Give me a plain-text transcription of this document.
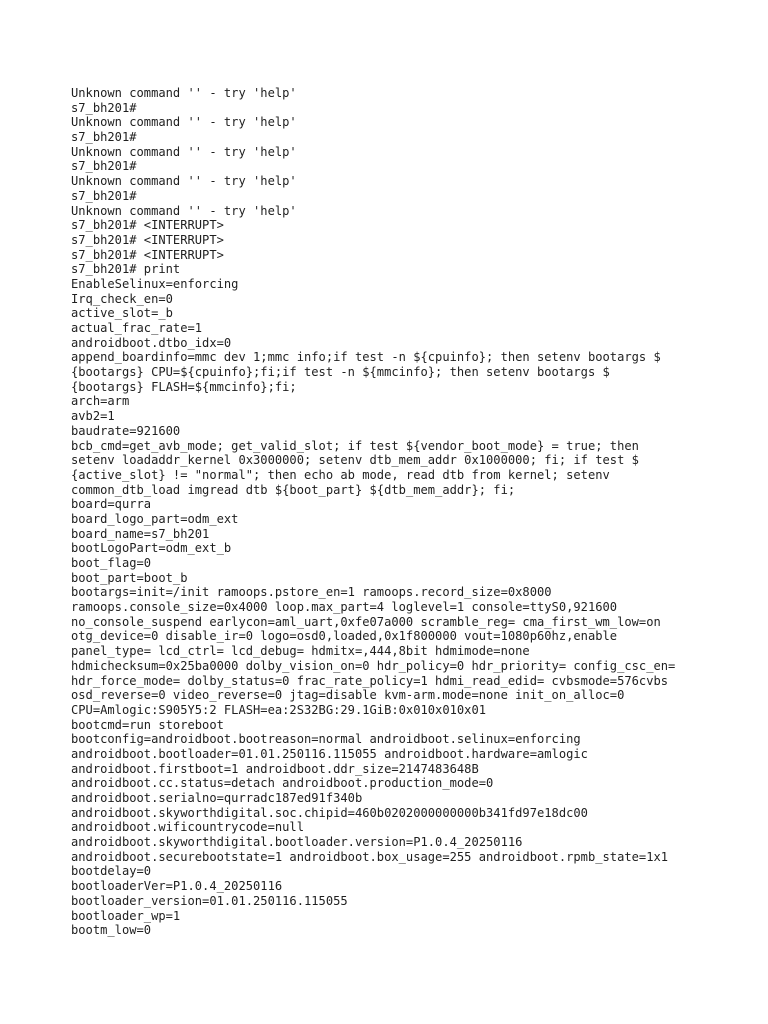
Unknown command '' - try 'help'
s7_bh201#
Unknown command '' - try 'help'
s7_bh201#
Unknown command '' - try 'help'
s7_bh201#
Unknown command '' - try 'help'
s7_bh201#
Unknown command '' - try 'help'
s7_bh201# <INTERRUPT>
s7_bh201# <INTERRUPT>
s7_bh201# <INTERRUPT>
s7_bh201# print
EnableSelinux=enforcing
Irq_check_en=0
active_slot=_b
actual_frac_rate=1
androidboot.dtbo_idx=0
append_boardinfo=mmc dev 1;mmc info;if test -n ${cpuinfo}; then setenv bootargs $
{bootargs} CPU=${cpuinfo};fi;if test -n ${mmcinfo}; then setenv bootargs $
{bootargs} FLASH=${mmcinfo};fi;
arch=arm
avb2=1
baudrate=921600
bcb_cmd=get_avb_mode; get_valid_slot; if test ${vendor_boot_mode} = true; then
setenv loadaddr_kernel 0x3000000; setenv dtb_mem_addr 0x1000000; fi; if test $
{active_slot} != "normal"; then echo ab mode, read dtb from kernel; setenv
common_dtb_load imgread dtb ${boot_part} ${dtb_mem_addr}; fi;
board=qurra
board_logo_part=odm_ext
board_name=s7_bh201
bootLogoPart=odm_ext_b
boot_flag=0
boot_part=boot_b
bootargs=init=/init ramoops.pstore_en=1 ramoops.record_size=0x8000
ramoops.console_size=0x4000 loop.max_part=4 loglevel=1 console=ttyS0,921600
no_console_suspend earlycon=aml_uart,0xfe07a000 scramble_reg= cma_first_wm_low=on
otg_device=0 disable_ir=0 logo=osd0,loaded,0x1f800000 vout=1080p60hz,enable
panel_type= lcd_ctrl= lcd_debug= hdmitx=,444,8bit hdmimode=none
hdmichecksum=0x25ba0000 dolby_vision_on=0 hdr_policy=0 hdr_priority= config_csc_en=
hdr_force_mode= dolby_status=0 frac_rate_policy=1 hdmi_read_edid= cvbsmode=576cvbs
osd_reverse=0 video_reverse=0 jtag=disable kvm-arm.mode=none init_on_alloc=0
CPU=Amlogic:S905Y5:2 FLASH=ea:2S32BG:29.1GiB:0x010x010x01
bootcmd=run storeboot
bootconfig=androidboot.bootreason=normal androidboot.selinux=enforcing
androidboot.bootloader=01.01.250116.115055 androidboot.hardware=amlogic
androidboot.firstboot=1 androidboot.ddr_size=2147483648B
androidboot.cc.status=detach androidboot.production_mode=0
androidboot.serialno=qurradc187ed91f340b
androidboot.skyworthdigital.soc.chipid=460b0202000000000b341fd97e18dc00
androidboot.wificountrycode=null
androidboot.skyworthdigital.bootloader.version=P1.0.4_20250116
androidboot.securebootstate=1 androidboot.box_usage=255 androidboot.rpmb_state=1x1
bootdelay=0
bootloaderVer=P1.0.4_20250116
bootloader_version=01.01.250116.115055
bootloader_wp=1
bootm_low=0
